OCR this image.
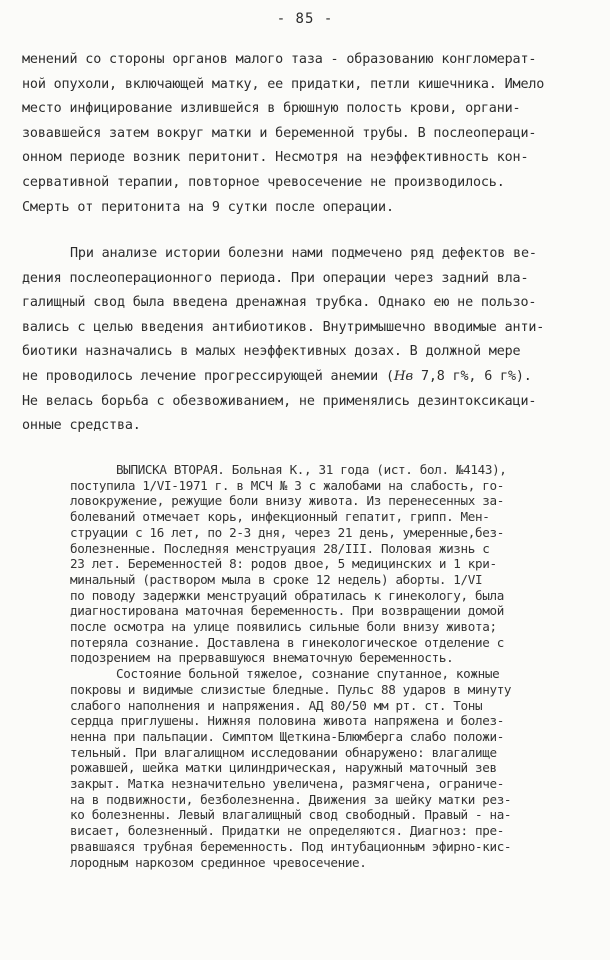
- 85 -
менений со стороны органов малого таза - образованию конгломерат-
ной опухоли, включающей матку, ее придатки, петли кишечника. Имело
место инфицирование излившейся в брюшную полость крови, органи-
зовавшейся затем вокруг матки и беременной трубы. В послеопераци-
онном периоде возник перитонит. Несмотря на неэффективность кон-
сервативной терапии, повторное чревосечение не производилось.
Смерть от перитонита на 9 сутки после операции.
При анализе истории болезни нами подмечено ряд дефектов ве-
дения послеоперационного периода. При операции через задний вла-
галищный свод была введена дренажная трубка. Однако ею не пользо-
вались с целью введения антибиотиков. Внутримышечно вводимые анти-
биотики назначались в малых неэффективных дозах. В должной мере
не проводилось лечение прогрессирующей анемии (Hв 7,8 г%, 6 г%).
Не велась борьба с обезвоживанием, не применялись дезинтоксикаци-
онные средства.
ВЫПИСКА ВТОРАЯ. Больная К., 31 года (ист. бол. №4143),
поступила 1/VI-1971 г. в МСЧ № 3 с жалобами на слабость, го-
ловокружение, режущие боли внизу живота. Из перенесенных за-
болеваний отмечает корь, инфекционный гепатит, грипп. Мен-
струации с 16 лет, по 2-3 дня, через 21 день, умеренные,без-
болезненные. Последняя менструация 28/III. Половая жизнь с
23 лет. Беременностей 8: родов двое, 5 медицинских и 1 кри-
минальный (раствором мыла в сроке 12 недель) аборты. 1/VI
по поводу задержки менструаций обратилась к гинекологу, была
диагностирована маточная беременность. При возвращении домой
после осмотра на улице появились сильные боли внизу живота;
потеряла сознание. Доставлена в гинекологическое отделение с
подозрением на прервавшуюся внематочную беременность.
Состояние больной тяжелое, сознание спутанное, кожные
покровы и видимые слизистые бледные. Пульс 88 ударов в минуту
слабого наполнения и напряжения. АД 80/50 мм рт. ст. Тоны
сердца приглушены. Нижняя половина живота напряжена и болез-
ненна при пальпации. Симптом Щеткина-Блюмберга слабо положи-
тельный. При влагалищном исследовании обнаружено: влагалище
рожавшей, шейка матки цилиндрическая, наружный маточный зев
закрыт. Матка незначительно увеличена, размягчена, ограниче-
на в подвижности, безболезненна. Движения за шейку матки рез-
ко болезненны. Левый влагалищный свод свободный. Правый - на-
висает, болезненный. Придатки не определяются. Диагноз: пре-
рвавшаяся трубная беременность. Под интубационным эфирно-кис-
лородным наркозом срединное чревосечение.
